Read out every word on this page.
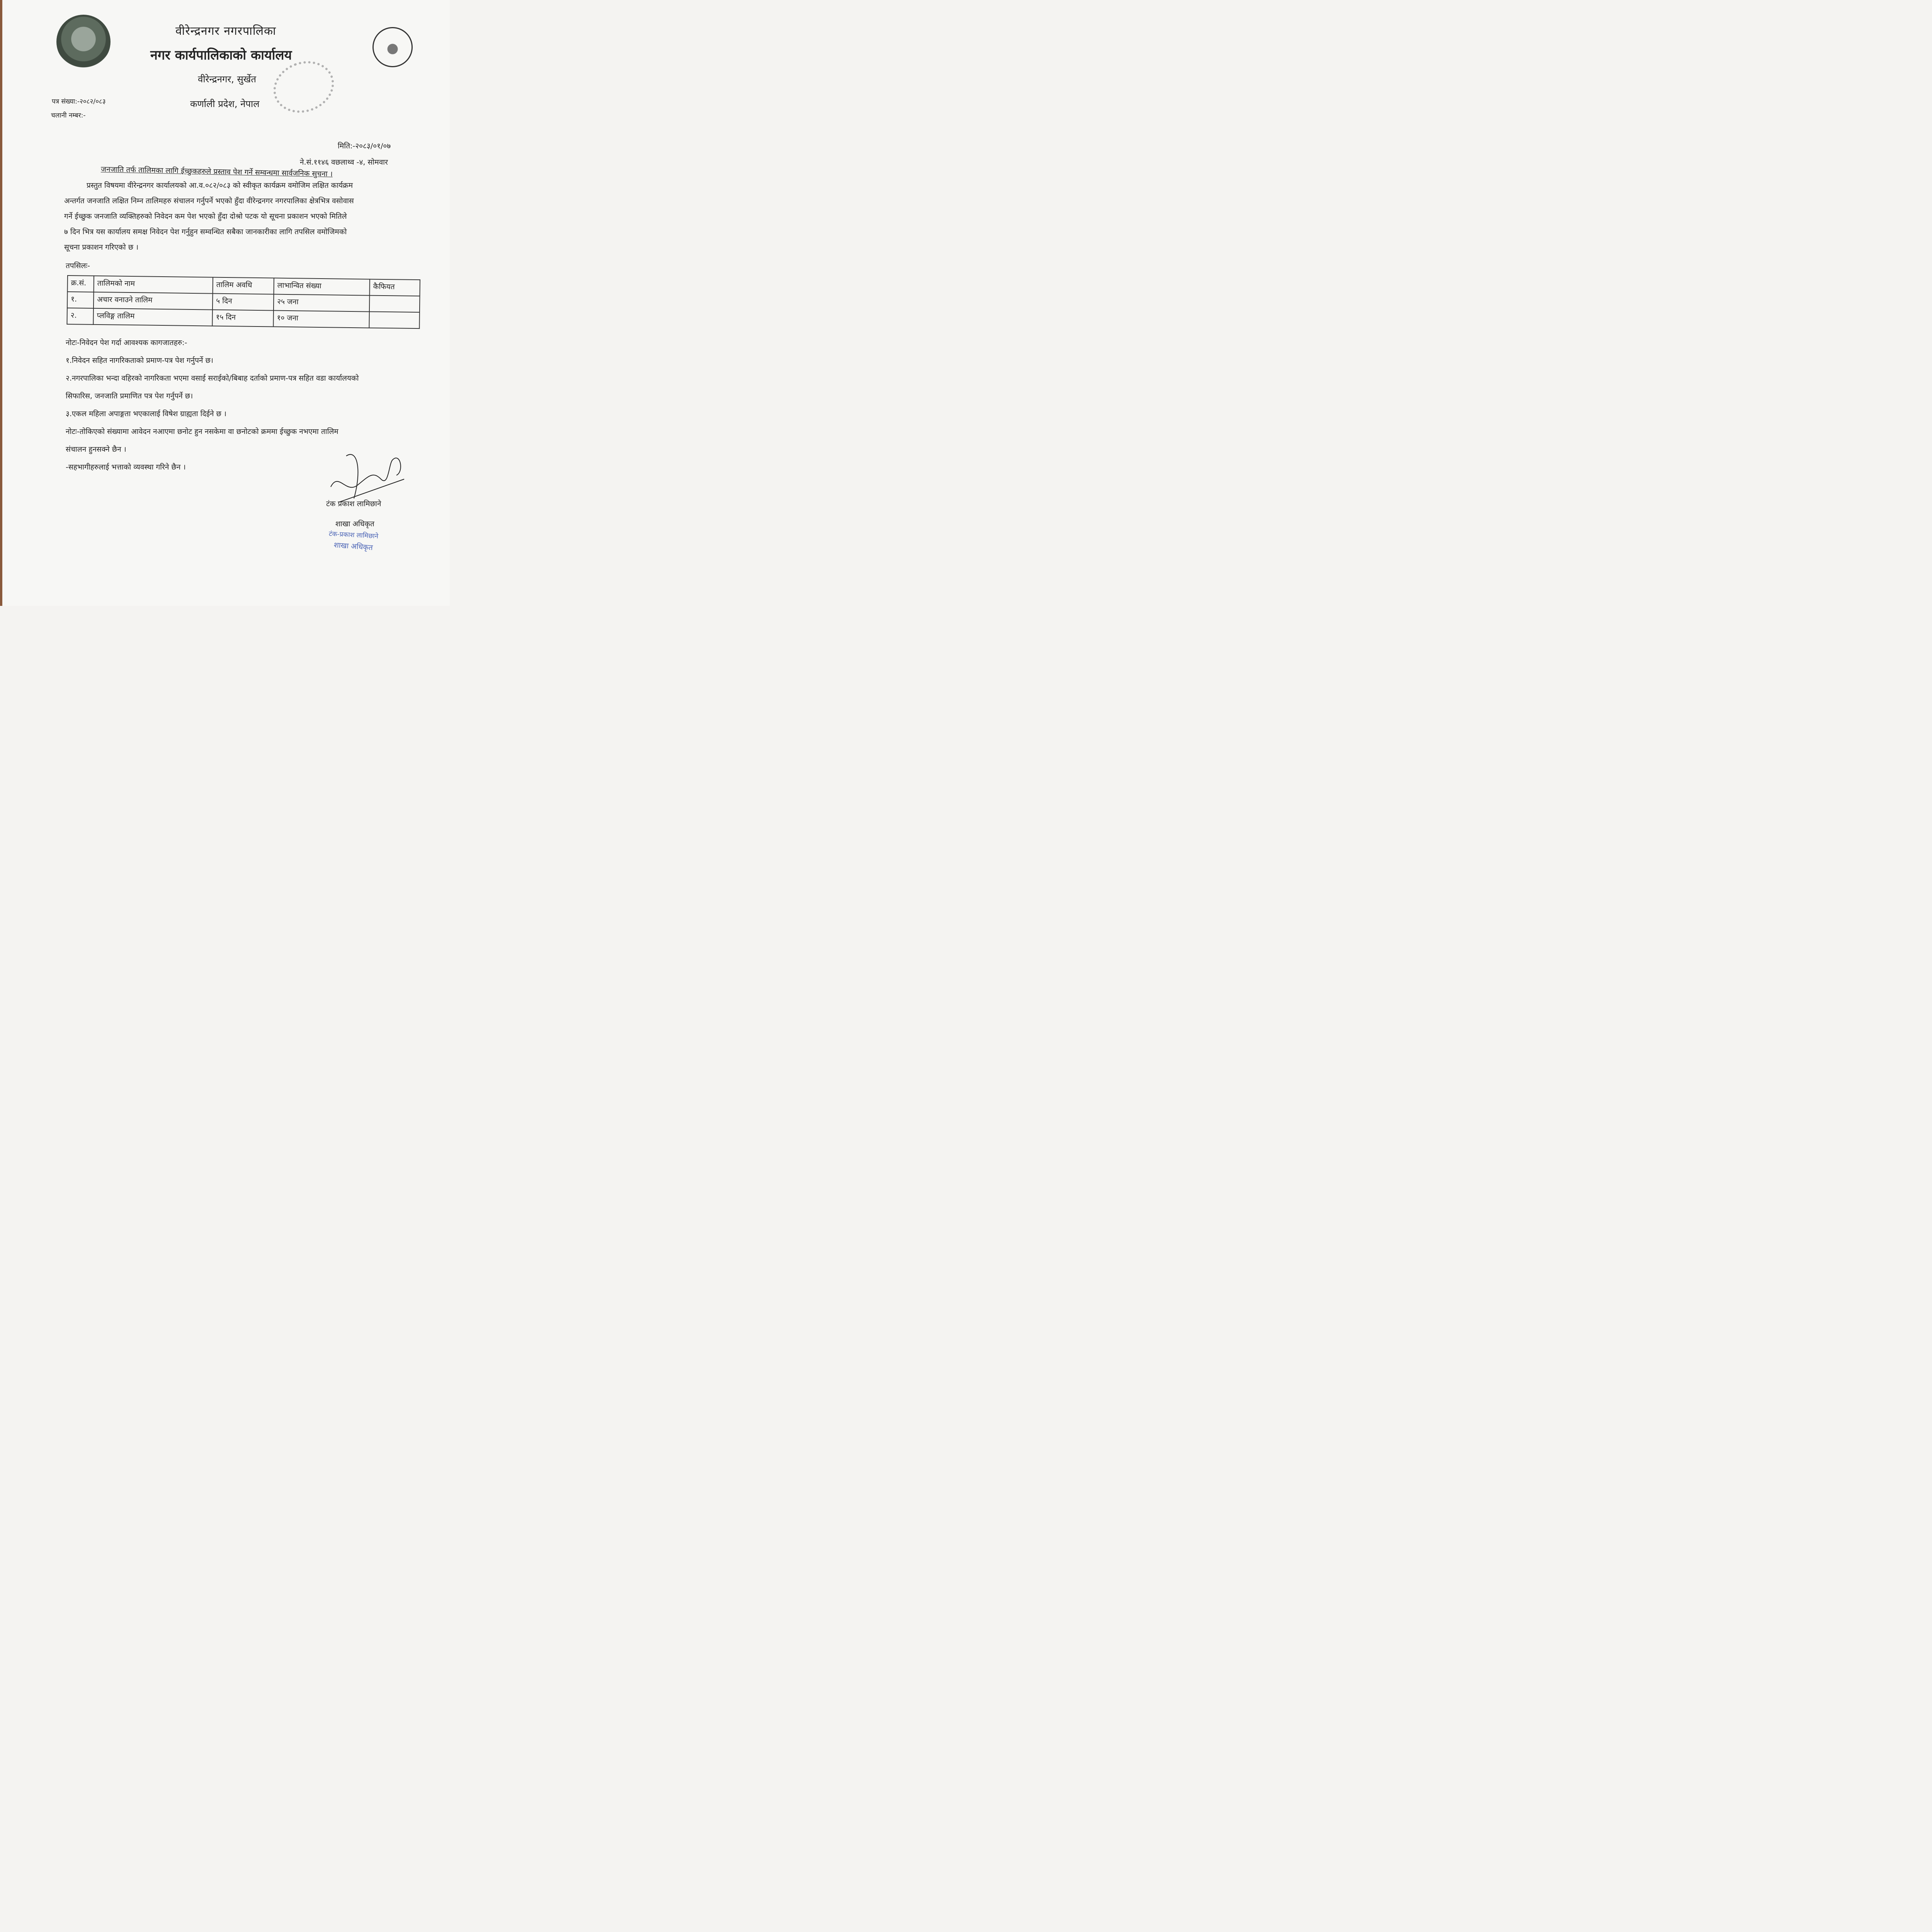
वीरेन्द्रनगर नगरपालिका
नगर कार्यपालिकाको कार्यालय
वीरेन्द्रनगर, सुर्खेत
कर्णाली प्रदेश, नेपाल
पत्र संख्या:-२०८२/०८३
चलानी नम्बर:-
मिति:-२०८३/०१/०७
ने.सं.११४६ वछलाथ्व -४, सोमवार
जनजाति तर्फ तालिमका लागि ईच्छुकहरुले प्रस्ताव पेश गर्ने सम्वन्धमा सार्वजनिक सुचना ।
प्रस्तुत विषयमा वीरेन्द्रनगर कार्यालयको आ.व.०८२/०८३ को स्वीकृत कार्यक्रम वमोजिम लक्षित कार्यक्रम
अन्तर्गत जनजाति लक्षित निम्न तालिमहरु संचालन गर्नुपर्ने भएको हुँदा वीरेन्द्रनगर नगरपालिका क्षेत्रभित्र वसोवास
गर्ने ईच्छुक जनजाति व्यक्तिहरुको निवेदन कम पेश भएको हुँदा दोश्रो पटक यो सूचना प्रकाशन भएको मितिले
७ दिन भित्र यस कार्यालय समक्ष निवेदन पेश गर्नुहुन सम्वन्धित सबैका जानकारीका लागि तपसिल वमोजिमको
सूचना प्रकाशन गरिएको छ ।
तपसिलः-
क्र.सं.	तालिमको नाम	तालिम अवधि	लाभान्वित संख्या	कैफियत
१.	अचार वनाउने तालिम	५ दिन	२५ जना	
२.	प्लविङ्ग तालिम	१५ दिन	१० जना	
नोटः-निवेदन पेश गर्दा आवश्यक कागजातहरु:-
१.निवेदन सहित नागरिकताको प्रमाण-पत्र पेश गर्नुपर्ने छ।
२.नगरपालिका भन्दा वहिरको नागरिकता भएमा वसाई सराईको/बिबाह दर्ताको प्रमाण-पत्र सहित वडा कार्यालयको
सिफारिस, जनजाति प्रमाणित पत्र पेश गर्नुपर्ने छ।
३.एकल महिला अपाङ्गता भएकालाई विषेश ग्राह्यता दिईने छ ।
नोटः-तोकिएको संख्यामा आवेदन नआएमा छनोट हुन नसकेमा वा छनोटको क्रममा ईच्छुक नभएमा तालिम
संचालन हुनसक्ने छैन ।
-सहभागीहरुलाई भत्ताको व्यवस्था गरिने छैन ।
टंक प्रकाश लामिछाने
शाखा अधिकृत
टंक-प्रकाश लामिछाने
शाखा अधिकृत
